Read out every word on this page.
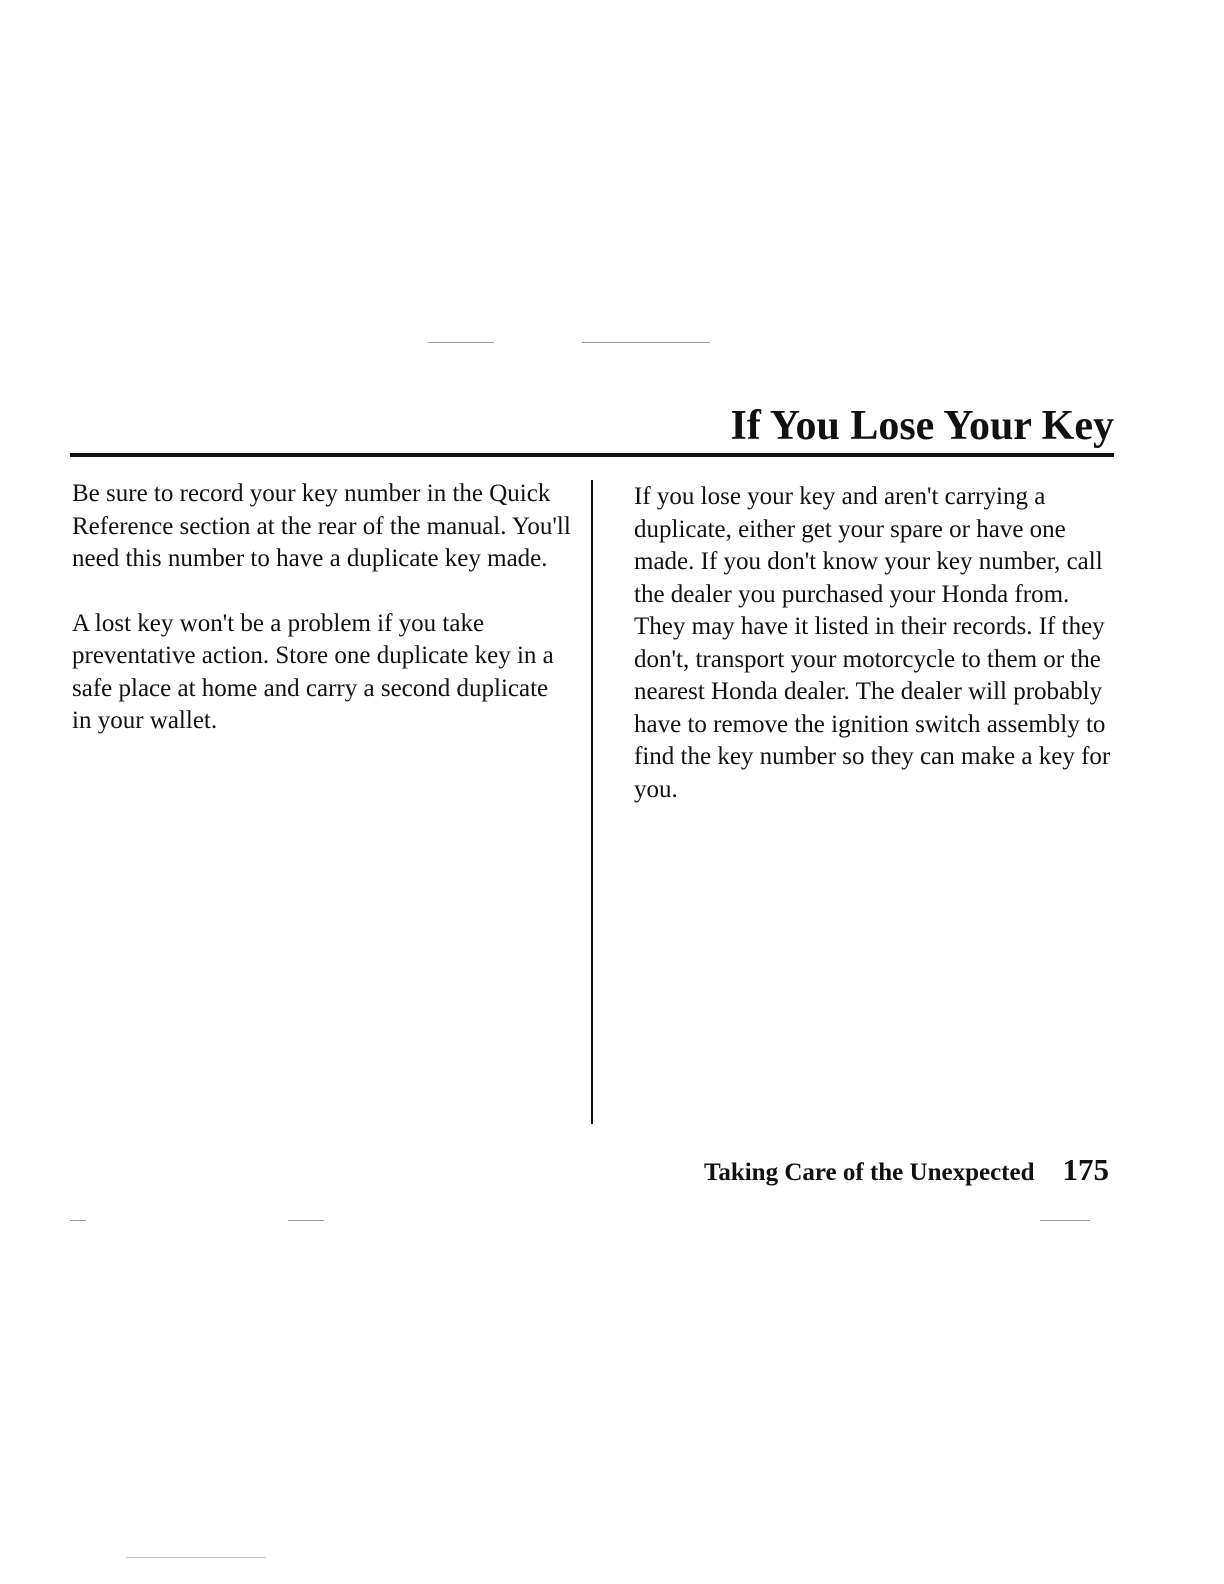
If You Lose Your Key

Be sure to record your key number in the Quick Reference section at the rear of the manual. You'll need this number to have a duplicate key made.

A lost key won't be a problem if you take preventative action. Store one duplicate key in a safe place at home and carry a second duplicate in your wallet.

If you lose your key and aren't carrying a duplicate, either get your spare or have one made. If you don't know your key number, call the dealer you purchased your Honda from. They may have it listed in their records. If they don't, transport your motorcycle to them or the nearest Honda dealer. The dealer will probably have to remove the ignition switch assembly to find the key number so they can make a key for you.

Taking Care of the Unexpected 175
